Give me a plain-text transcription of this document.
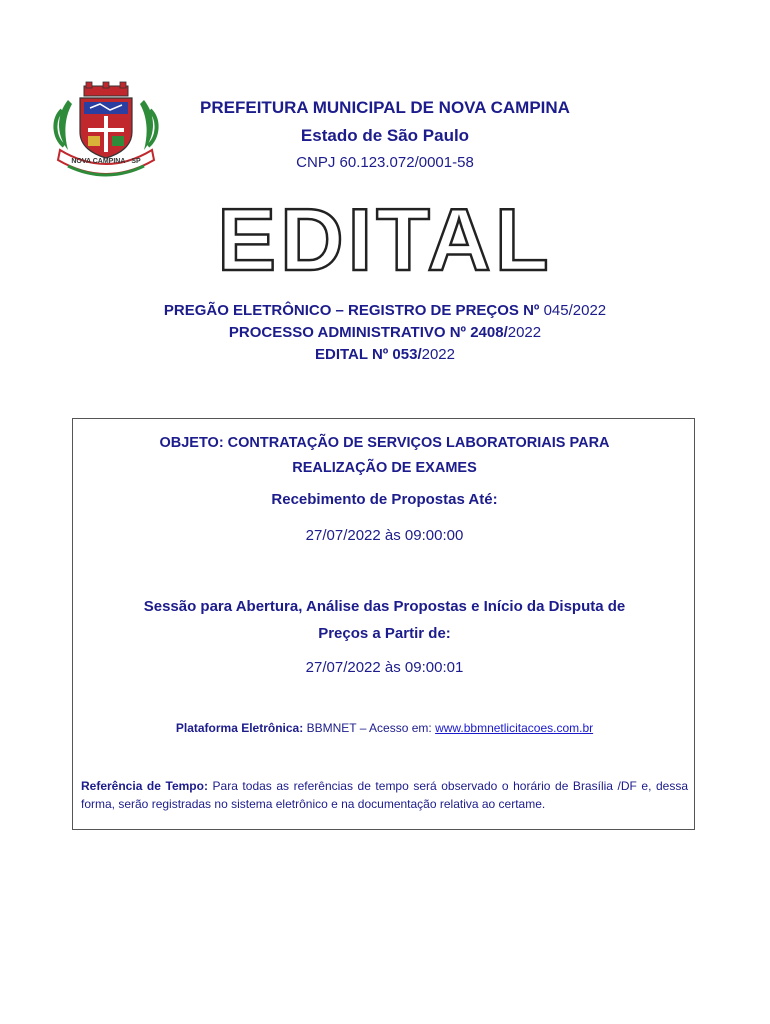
NOVA CAMPINA - SP
PREFEITURA MUNICIPAL DE NOVA CAMPINA
Estado de São Paulo
CNPJ 60.123.072/0001-58
EDITAL
PREGÃO ELETRÔNICO – REGISTRO DE PREÇOS Nº 045/2022
PROCESSO ADMINISTRATIVO Nº 2408/2022
EDITAL Nº 053/2022
OBJETO: CONTRATAÇÃO DE SERVIÇOS LABORATORIAIS PARA
REALIZAÇÃO DE EXAMES
Recebimento de Propostas Até:
27/07/2022 às 09:00:00
Sessão para Abertura, Análise das Propostas e Início da Disputa de
Preços a Partir de:
27/07/2022 às 09:00:01
Plataforma Eletrônica: BBMNET – Acesso em: www.bbmnetlicitacoes.com.br
Referência de Tempo: Para todas as referências de tempo será observado o horário de Brasília /DF e, dessa forma, serão registradas no sistema eletrônico e na documentação relativa ao certame.
